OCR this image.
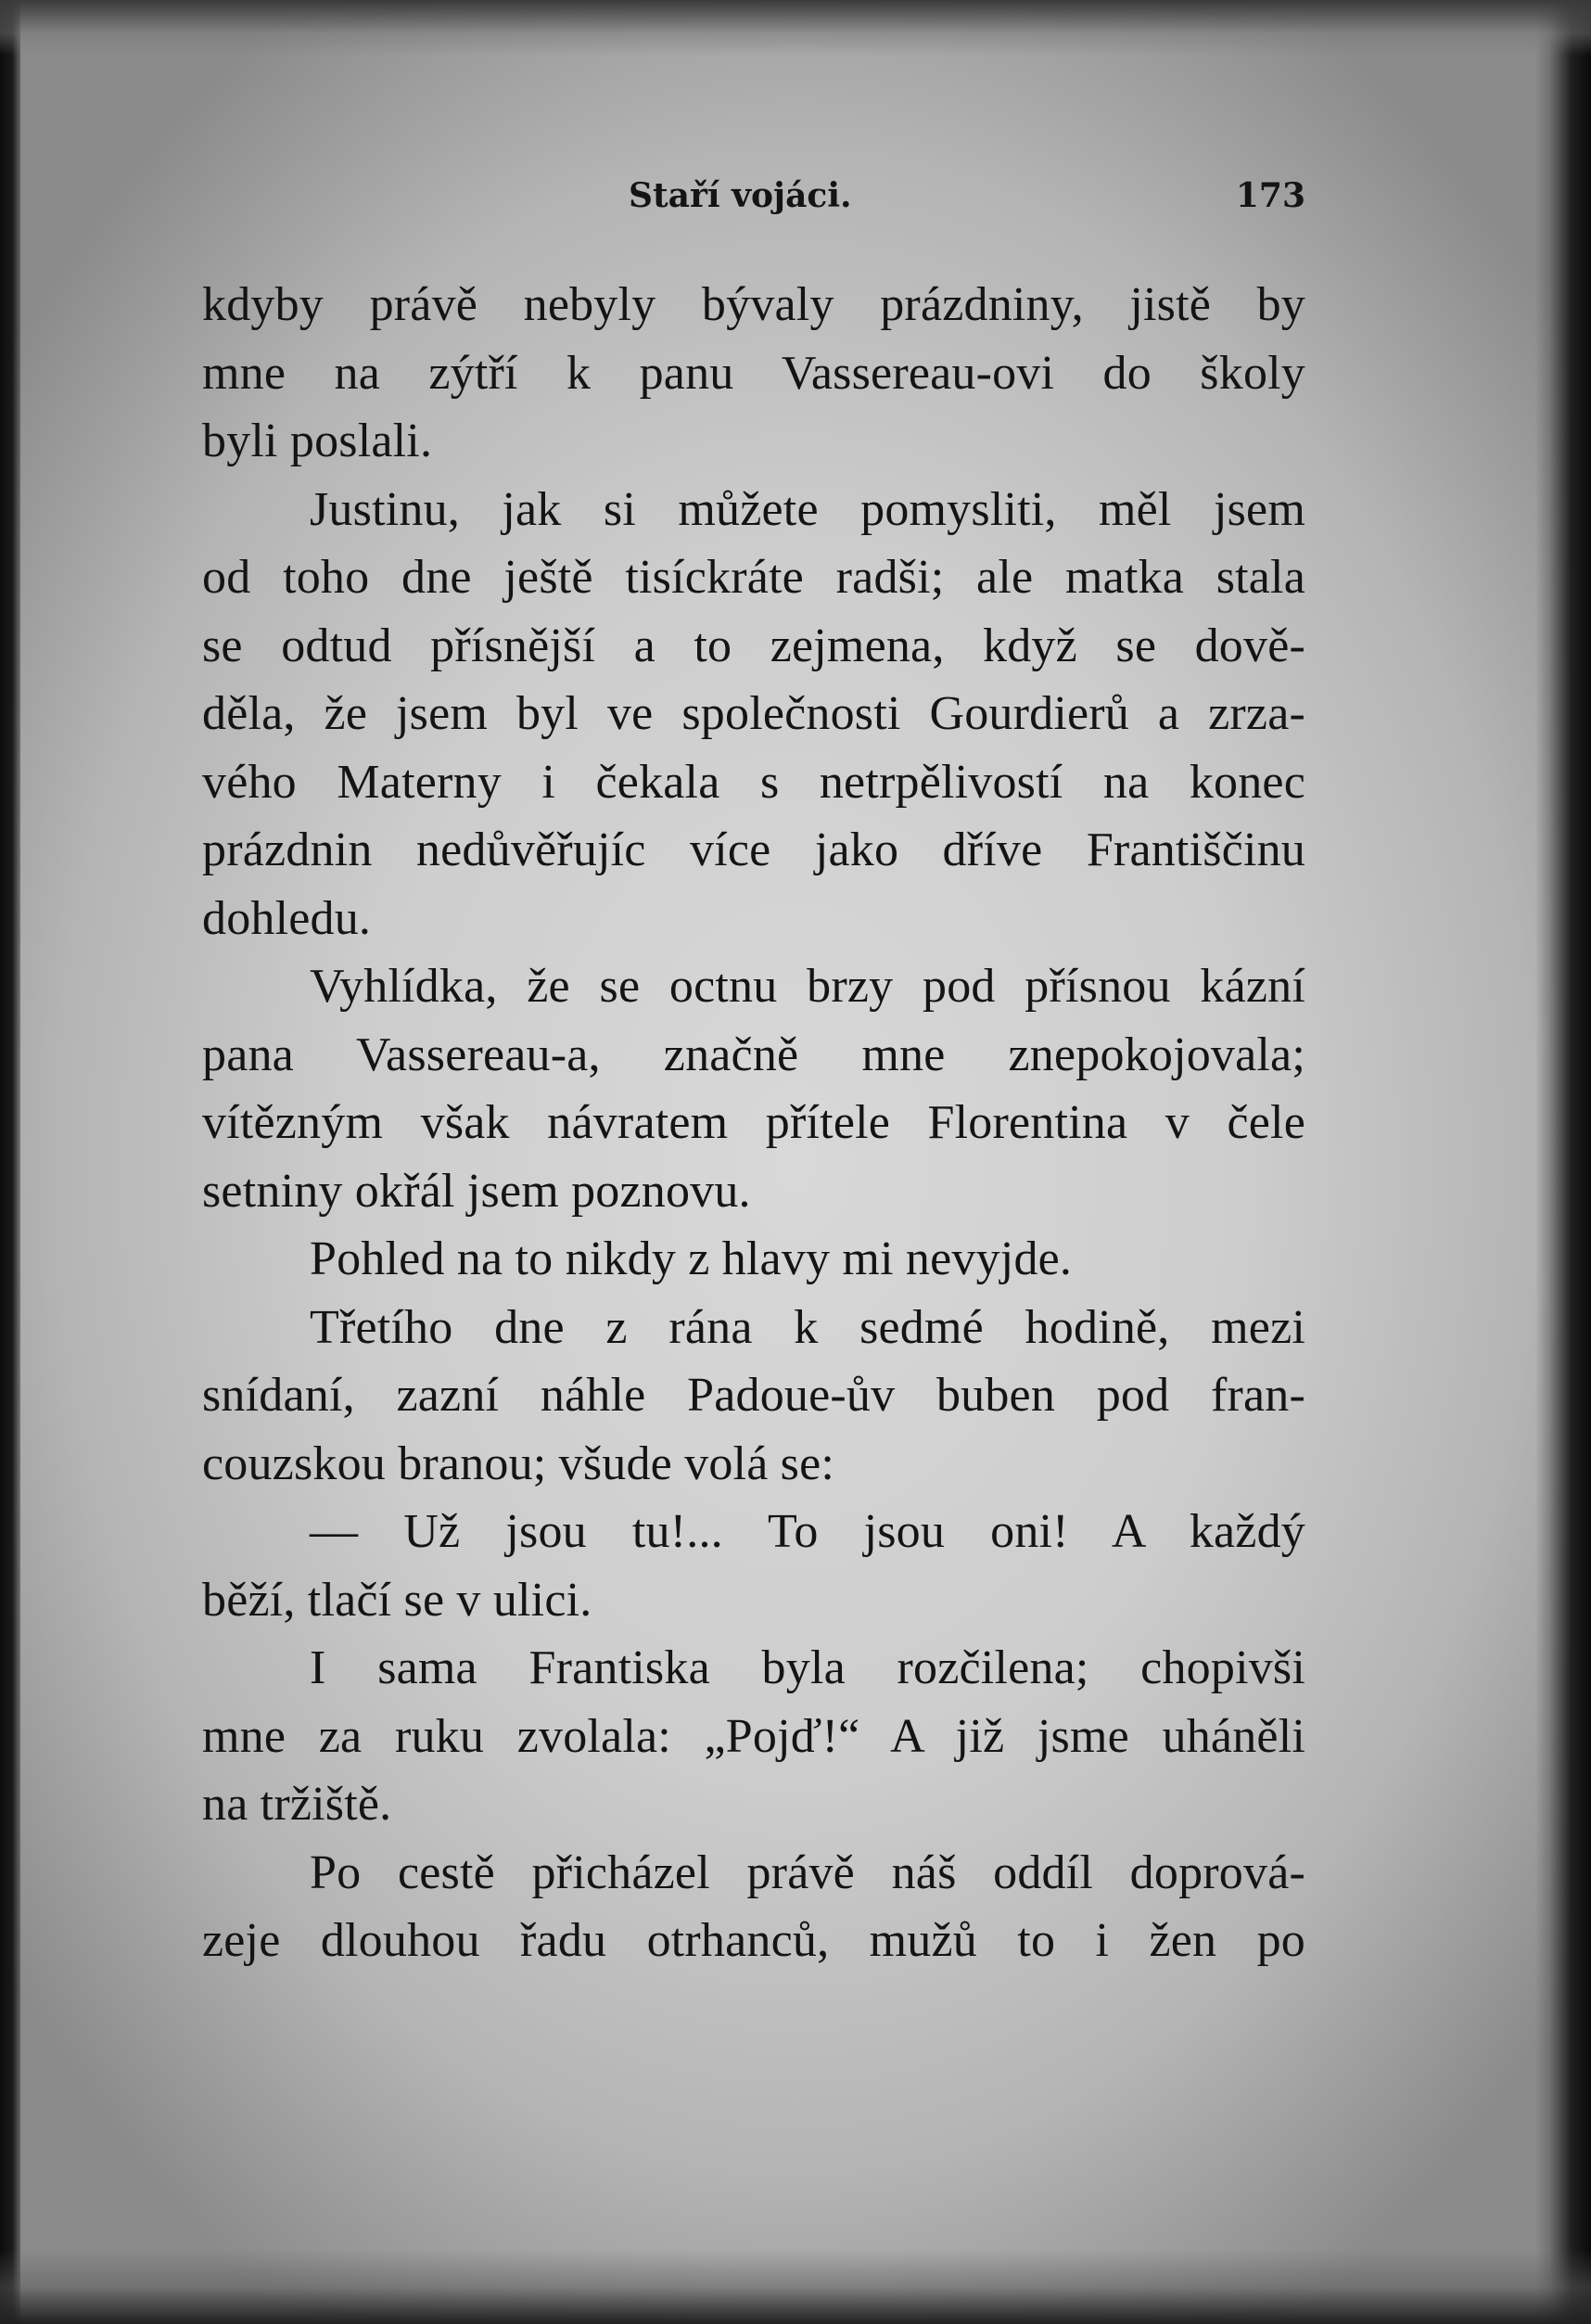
Staří vojáci.	173
kdyby právě nebyly bývaly prázdniny, jistě by
mne na zýtří k panu Vassereau-ovi do školy
byli poslali.
Justinu, jak si můžete pomysliti, měl jsem
od toho dne ještě tisíckráte radši; ale matka stala
se odtud přísnější a to zejmena, když se dově-
děla, že jsem byl ve společnosti Gourdierů a zrza-
vého Materny i čekala s netrpělivostí na konec
prázdnin nedůvěřujíc více jako dříve Františčinu
dohledu.
Vyhlídka, že se octnu brzy pod přísnou kázní
pana Vassereau-a, značně mne znepokojovala;
vítězným však návratem přítele Florentina v čele
setniny okřál jsem poznovu.
Pohled na to nikdy z hlavy mi nevyjde.
Třetího dne z rána k sedmé hodině, mezi
snídaní, zazní náhle Padoue-ův buben pod fran-
couzskou branou; všude volá se:
— Už jsou tu!... To jsou oni! A každý
běží, tlačí se v ulici.
I sama Frantiska byla rozčilena; chopivši
mne za ruku zvolala: „Pojď!“ A již jsme uháněli
na tržiště.
Po cestě přicházel právě náš oddíl doprová-
zeje dlouhou řadu otrhanců, mužů to i žen po
